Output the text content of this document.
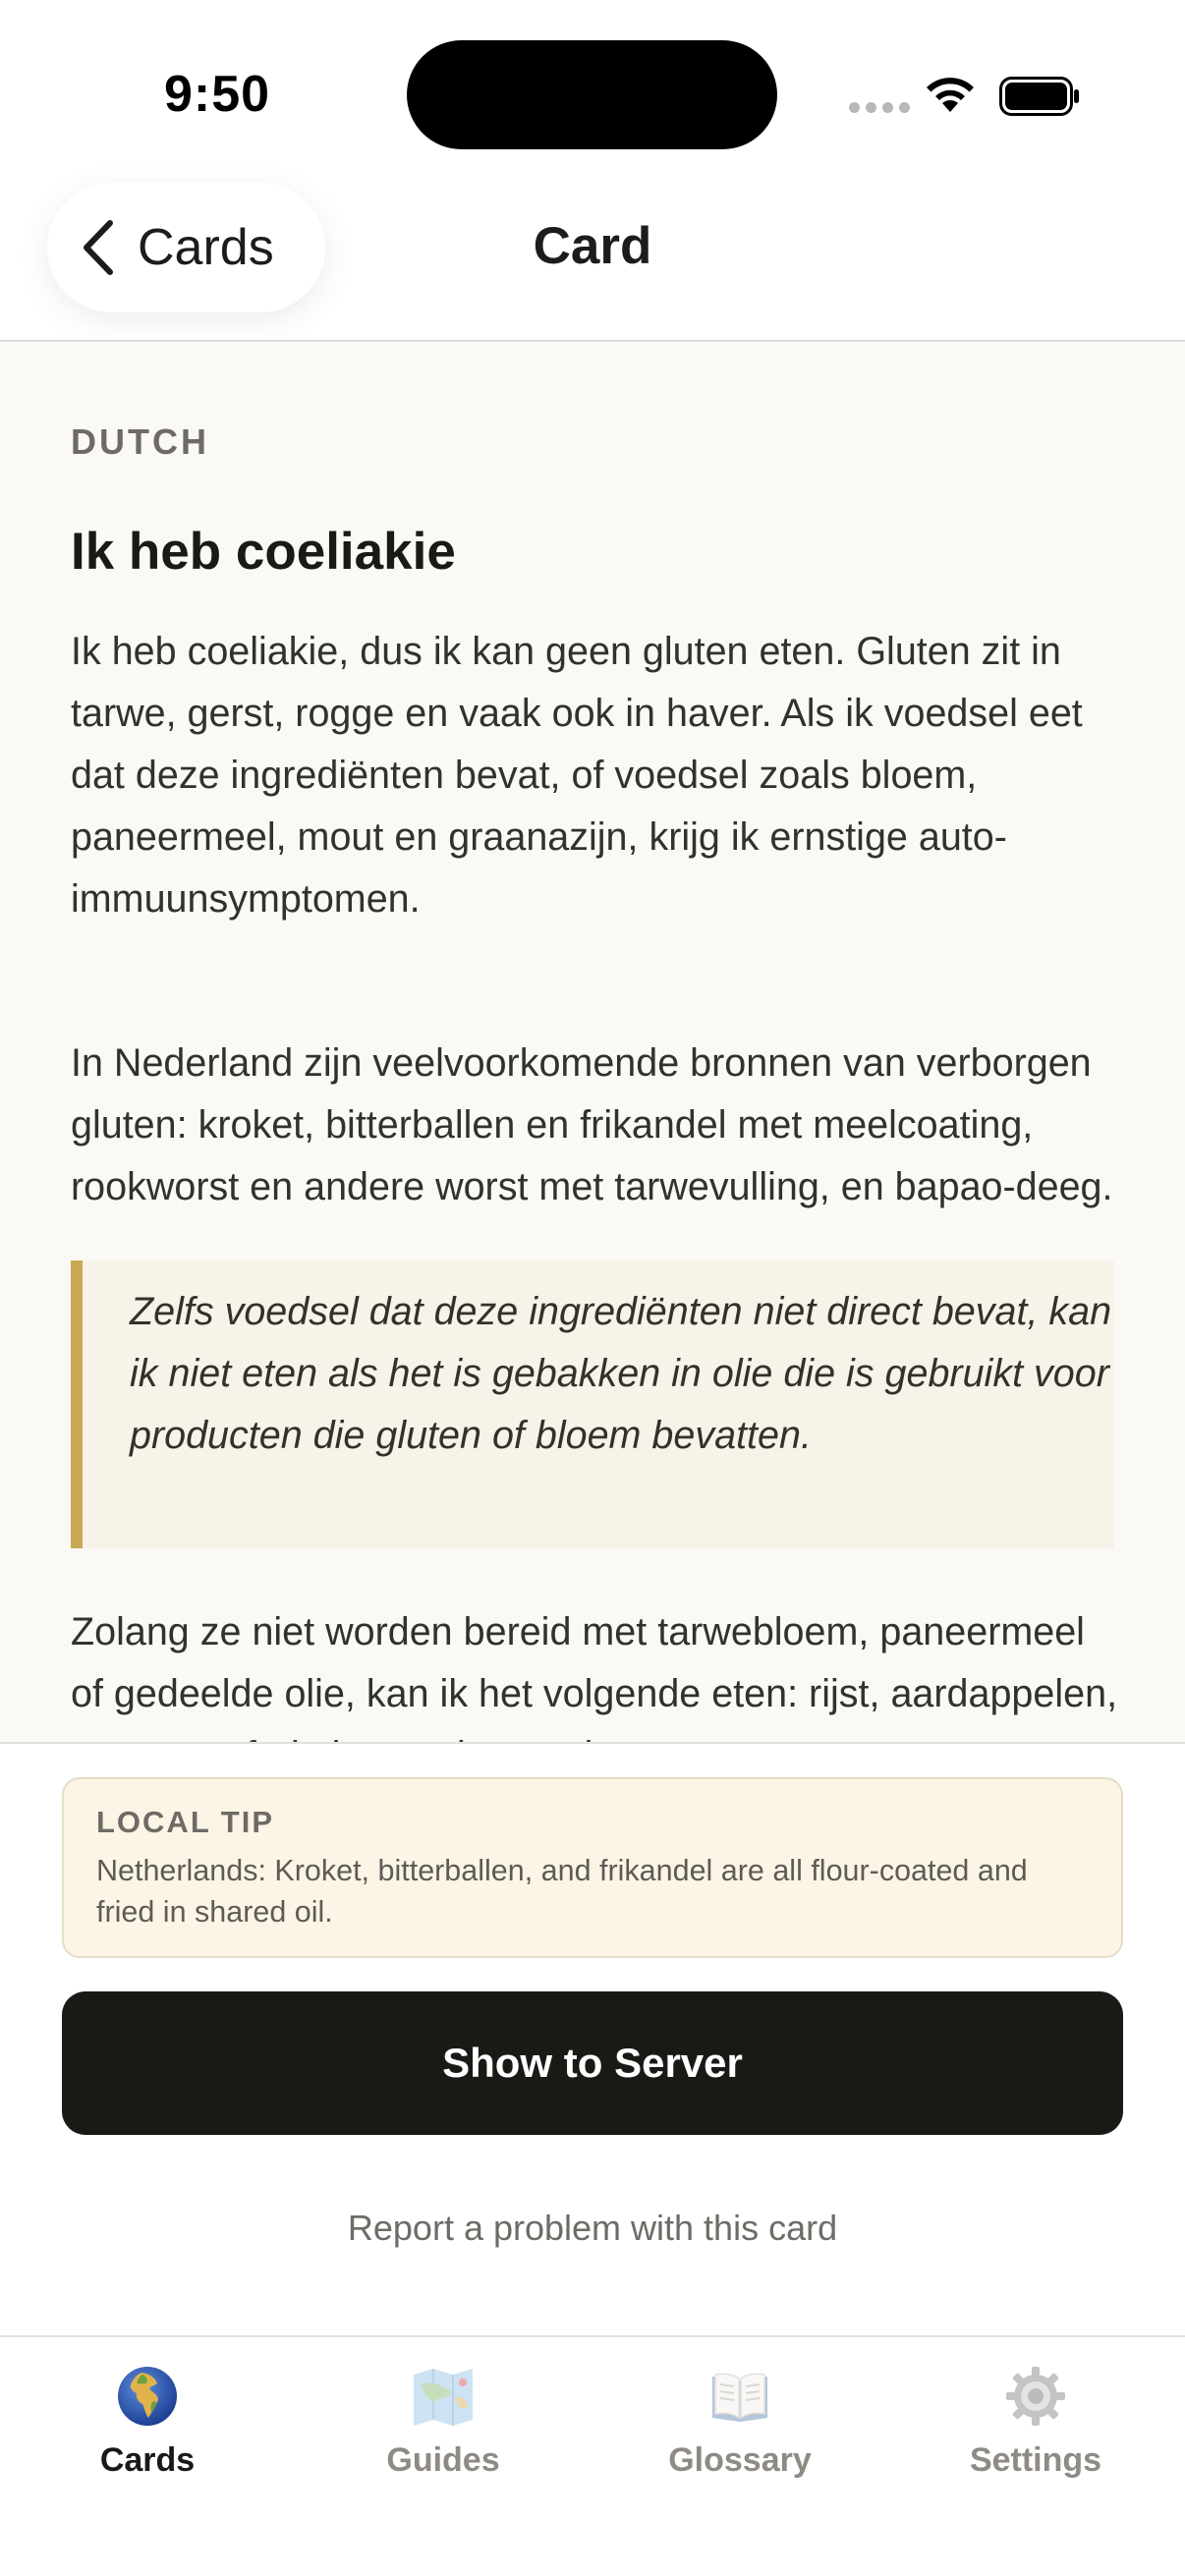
9:50
Cards	Card
DUTCH
Ik heb coeliakie
Ik heb coeliakie, dus ik kan geen gluten eten. Gluten zit in tarwe, gerst, rogge en vaak ook in haver. Als ik voedsel eet dat deze ingrediënten bevat, of voedsel zoals bloem, paneermeel, mout en graanazijn, krijg ik ernstige auto-immuunsymptomen.
In Nederland zijn veelvoorkomende bronnen van verborgen gluten: kroket, bitterballen en frikandel met meelcoating, rookworst en andere worst met tarwevulling, en bapao-deeg.
Zelfs voedsel dat deze ingrediënten niet direct bevat, kan ik niet eten als het is gebakken in olie die is gebruikt voor producten die gluten of bloem bevatten.
Zolang ze niet worden bereid met tarwebloem, paneermeel of gedeelde olie, kan ik het volgende eten: rijst, aardappelen,
LOCAL TIP
Netherlands: Kroket, bitterballen, and frikandel are all flour-coated and fried in shared oil.
Show to Server
Report a problem with this card
Cards	Guides	Glossary	Settings
